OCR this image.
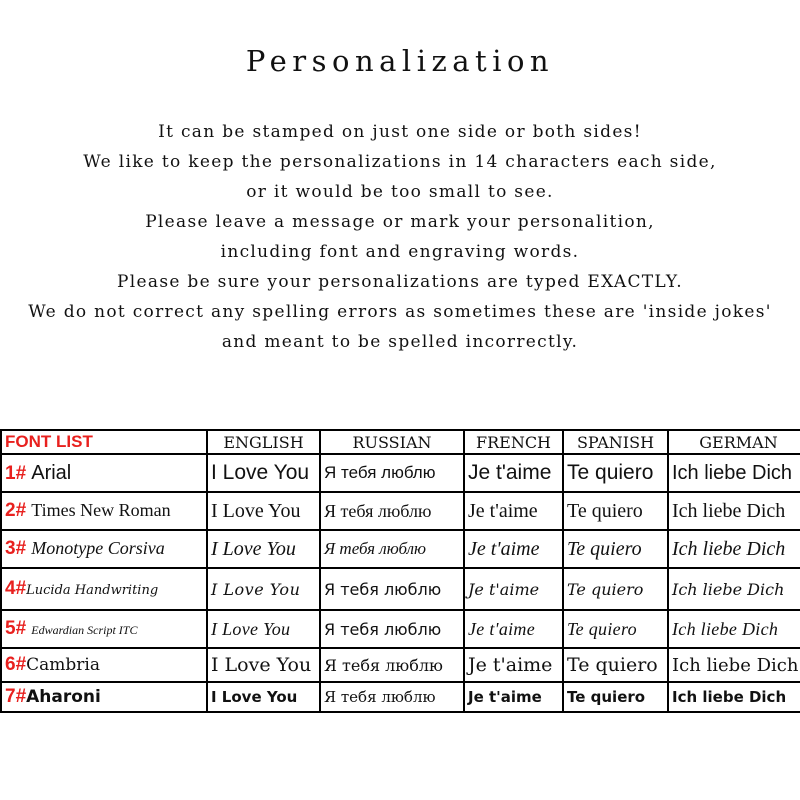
Personalization
It can be stamped on just one side or both sides!
We like to keep the personalizations in 14 characters each side,
or it would be too small to see.
Please leave a message or mark your personalition,
including font and engraving words.
Please be sure your personalizations are typed EXACTLY.
We do not correct any spelling errors as sometimes these are 'inside jokes'
and meant to be spelled incorrectly.
FONT LIST	ENGLISH	RUSSIAN	FRENCH	SPANISH	GERMAN
1# Arial	I Love You	Я тебя люблю	Je t'aime	Te quiero	Ich liebe Dich
2# Times New Roman	I Love You	Я тебя люблю	Je t'aime	Te quiero	Ich liebe Dich
3# Monotype Corsiva	I Love You	Я тебя люблю	Je t'aime	Te quiero	Ich liebe Dich
4#Lucida Handwriting	I Love You	Я тебя люблю	Je t'aime	Te quiero	Ich liebe Dich
5# Edwardian Script ITC	I Love You	Я тебя люблю	Je t'aime	Te quiero	Ich liebe Dich
6#Cambria	I Love You	Я тебя люблю	Je t'aime	Te quiero	Ich liebe Dich
7#Aharoni	I Love You	Я тебя люблю	Je t'aime	Te quiero	Ich liebe Dich
